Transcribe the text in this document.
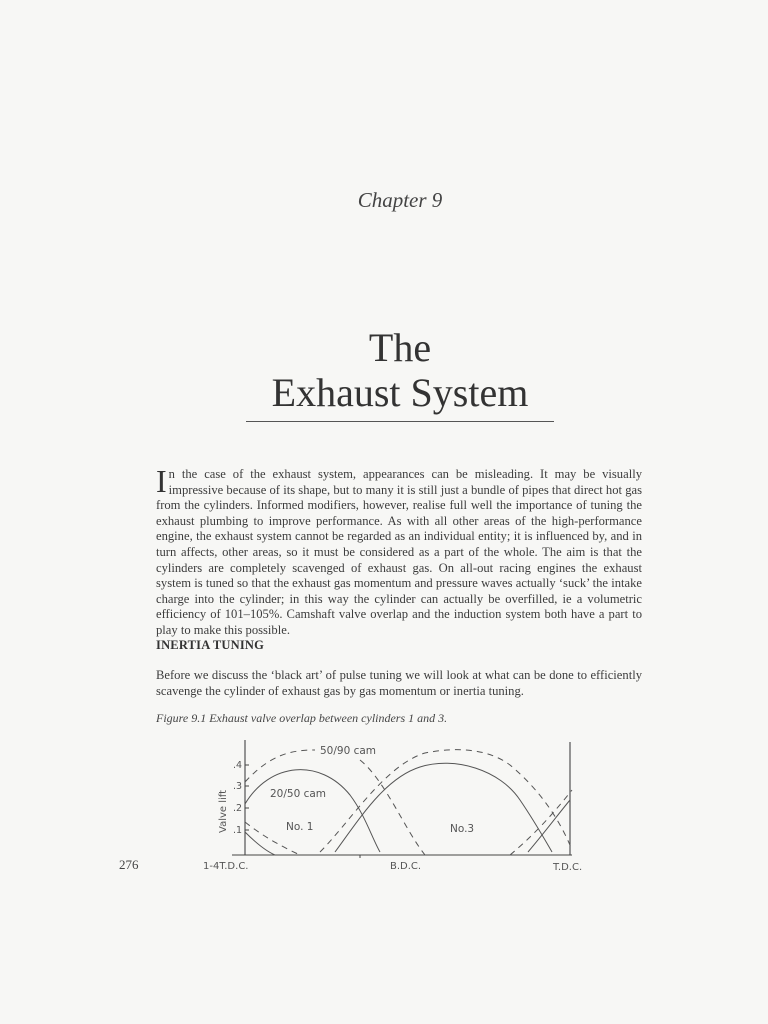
Chapter 9
The
Exhaust System

In the case of the exhaust system, appearances can be misleading. It may be visually impressive because of its shape, but to many it is still just a bundle of pipes that direct hot gas from the cylinders. Informed modifiers, however, realise full well the importance of tuning the exhaust plumbing to improve performance. As with all other areas of the high-performance engine, the exhaust system cannot be regarded as an individual entity; it is influenced by, and in turn affects, other areas, so it must be considered as a part of the whole. The aim is that the cylinders are completely scavenged of exhaust gas. On all-out racing engines the exhaust system is tuned so that the exhaust gas momentum and pressure waves actually ‘suck’ the intake charge into the cylinder; in this way the cylinder can actually be overfilled, ie a volumetric efficiency of 101–105%. Camshaft valve overlap and the induction system both have a part to play to make this possible.

INERTIA TUNING

Before we discuss the ‘black art’ of pulse tuning we will look at what can be done to efficiently scavenge the cylinder of exhaust gas by gas momentum or inertia tuning.

Figure 9.1 Exhaust valve overlap between cylinders 1 and 3.
.4
.3
.2
.1
Valve lift
50/90 cam
20/50 cam
No. 1	No.3
1-4T.D.C.	B.D.C.	T.D.C.
276
